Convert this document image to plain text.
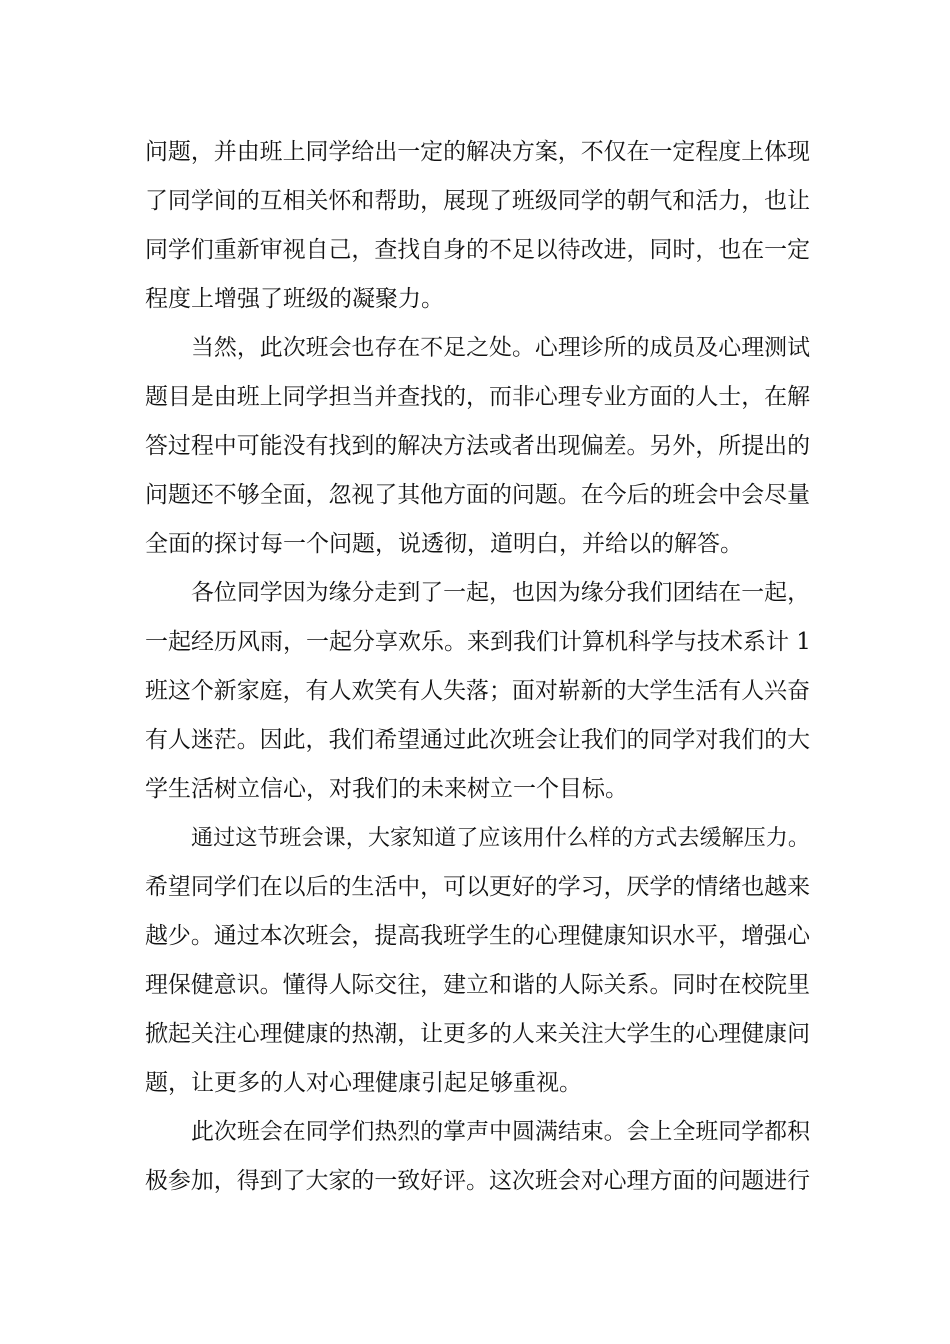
问题，并由班上同学给出一定的解决方案，不仅在一定程度上体现
了同学间的互相关怀和帮助，展现了班级同学的朝气和活力，也让
同学们重新审视自己，查找自身的不足以待改进，同时，也在一定
程度上增强了班级的凝聚力。

当然，此次班会也存在不足之处。心理诊所的成员及心理测试
题目是由班上同学担当并查找的，而非心理专业方面的人士，在解
答过程中可能没有找到的解决方法或者出现偏差。另外，所提出的
问题还不够全面，忽视了其他方面的问题。在今后的班会中会尽量
全面的探讨每一个问题，说透彻，道明白，并给以的解答。

各位同学因为缘分走到了一起，也因为缘分我们团结在一起，
一起经历风雨，一起分享欢乐。来到我们计算机科学与技术系计 1
班这个新家庭，有人欢笑有人失落；面对崭新的大学生活有人兴奋
有人迷茫。因此，我们希望通过此次班会让我们的同学对我们的大
学生活树立信心，对我们的未来树立一个目标。

通过这节班会课，大家知道了应该用什么样的方式去缓解压力。
希望同学们在以后的生活中，可以更好的学习，厌学的情绪也越来
越少。通过本次班会，提高我班学生的心理健康知识水平，增强心
理保健意识。懂得人际交往，建立和谐的人际关系。同时在校院里
掀起关注心理健康的热潮，让更多的人来关注大学生的心理健康问
题，让更多的人对心理健康引起足够重视。

此次班会在同学们热烈的掌声中圆满结束。会上全班同学都积
极参加，得到了大家的一致好评。这次班会对心理方面的问题进行
